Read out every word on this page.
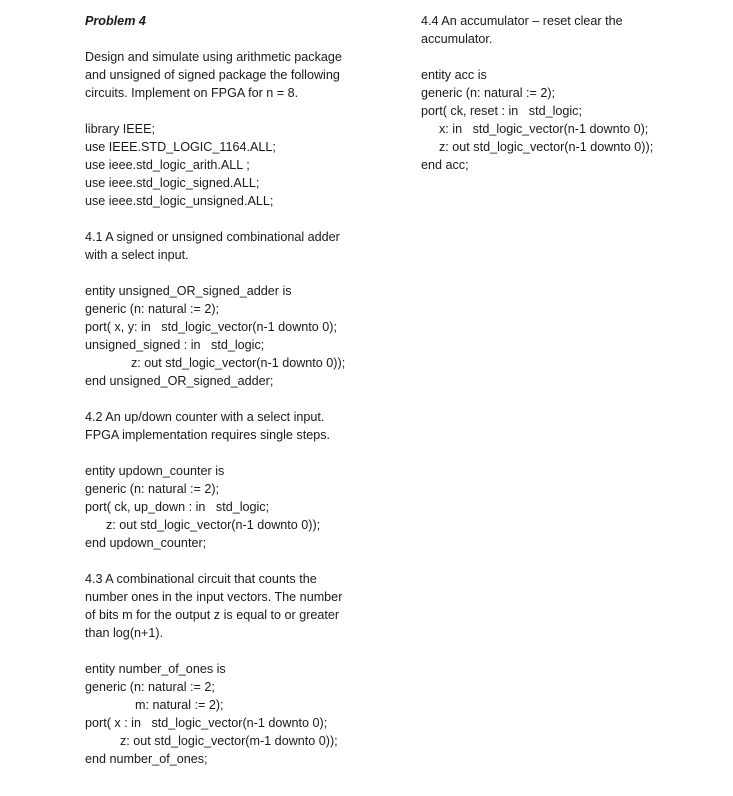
Problem 4
Design and simulate using arithmetic package
and unsigned of signed package the following
circuits. Implement on FPGA for n = 8.
library IEEE;
use IEEE.STD_LOGIC_1164.ALL;
use ieee.std_logic_arith.ALL ;
use ieee.std_logic_signed.ALL;
use ieee.std_logic_unsigned.ALL;
4.1 A signed or unsigned combinational adder
with a select input.
entity unsigned_OR_signed_adder is
generic (n: natural := 2);
port( x, y: in   std_logic_vector(n-1 downto 0);
unsigned_signed : in   std_logic;
z: out std_logic_vector(n-1 downto 0));
end unsigned_OR_signed_adder;
4.2 An up/down counter with a select input.
FPGA implementation requires single steps.
entity updown_counter is
generic (n: natural := 2);
port( ck, up_down : in   std_logic;
z: out std_logic_vector(n-1 downto 0));
end updown_counter;
4.3 A combinational circuit that counts the
number ones in the input vectors. The number
of bits m for the output z is equal to or greater
than log(n+1).
entity number_of_ones is
generic (n: natural := 2;
m: natural := 2);
port( x : in   std_logic_vector(n-1 downto 0);
z: out std_logic_vector(m-1 downto 0));
end number_of_ones;
4.4 An accumulator – reset clear the
accumulator.
entity acc is
generic (n: natural := 2);
port( ck, reset : in   std_logic;
x: in   std_logic_vector(n-1 downto 0);
z: out std_logic_vector(n-1 downto 0));
end acc;
